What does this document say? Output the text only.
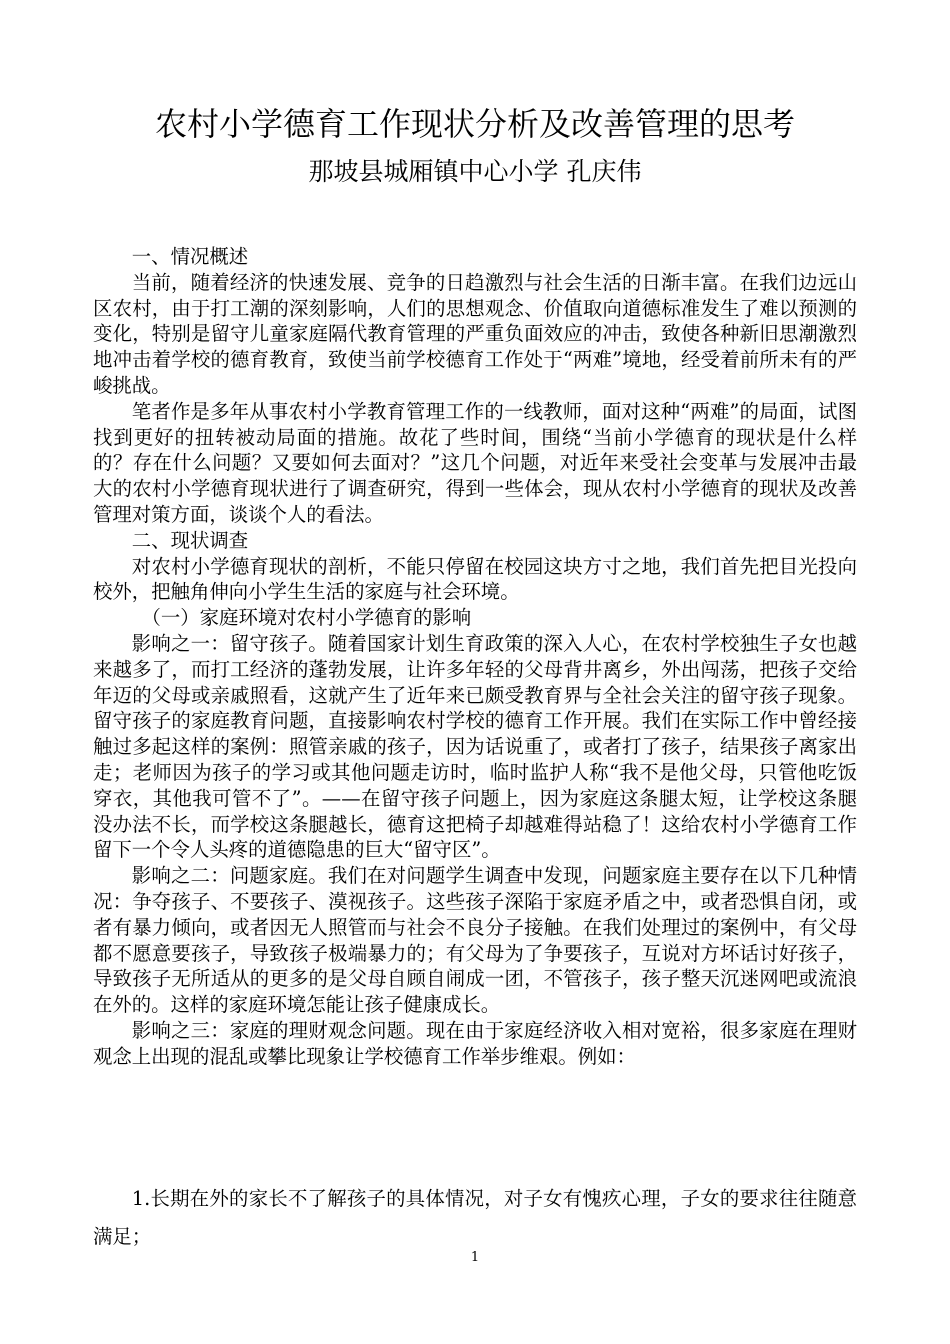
农村小学德育工作现状分析及改善管理的思考
那坡县城厢镇中心小学 孔庆伟

一、情况概述

当前，随着经济的快速发展、竞争的日趋激烈与社会生活的日渐丰富。在我们边远山区农村，由于打工潮的深刻影响，人们的思想观念、价值取向道德标准发生了难以预测的变化，特别是留守儿童家庭隔代教育管理的严重负面效应的冲击，致使各种新旧思潮激烈地冲击着学校的德育教育，致使当前学校德育工作处于“两难”境地，经受着前所未有的严峻挑战。

笔者作是多年从事农村小学教育管理工作的一线教师，面对这种“两难”的局面，试图找到更好的扭转被动局面的措施。故花了些时间，围绕“当前小学德育的现状是什么样的？存在什么问题？又要如何去面对？”这几个问题，对近年来受社会变革与发展冲击最大的农村小学德育现状进行了调查研究，得到一些体会，现从农村小学德育的现状及改善管理对策方面，谈谈个人的看法。

二、现状调查

对农村小学德育现状的剖析，不能只停留在校园这块方寸之地，我们首先把目光投向校外，把触角伸向小学生生活的家庭与社会环境。

（一）家庭环境对农村小学德育的影响

影响之一：留守孩子。随着国家计划生育政策的深入人心，在农村学校独生子女也越来越多了，而打工经济的蓬勃发展，让许多年轻的父母背井离乡，外出闯荡，把孩子交给年迈的父母或亲戚照看，这就产生了近年来已颇受教育界与全社会关注的留守孩子现象。留守孩子的家庭教育问题，直接影响农村学校的德育工作开展。我们在实际工作中曾经接触过多起这样的案例：照管亲戚的孩子，因为话说重了，或者打了孩子，结果孩子离家出走；老师因为孩子的学习或其他问题走访时，临时监护人称“我不是他父母，只管他吃饭穿衣，其他我可管不了”。——在留守孩子问题上，因为家庭这条腿太短，让学校这条腿没办法不长，而学校这条腿越长，德育这把椅子却越难得站稳了！这给农村小学德育工作留下一个令人头疼的道德隐患的巨大“留守区”。

影响之二：问题家庭。我们在对问题学生调查中发现，问题家庭主要存在以下几种情况：争夺孩子、不要孩子、漠视孩子。这些孩子深陷于家庭矛盾之中，或者恐惧自闭，或者有暴力倾向，或者因无人照管而与社会不良分子接触。在我们处理过的案例中，有父母都不愿意要孩子，导致孩子极端暴力的；有父母为了争要孩子，互说对方坏话讨好孩子，导致孩子无所适从的更多的是父母自顾自闹成一团，不管孩子，孩子整天沉迷网吧或流浪在外的。这样的家庭环境怎能让孩子健康成长。

影响之三：家庭的理财观念问题。现在由于家庭经济收入相对宽裕，很多家庭在理财观念上出现的混乱或攀比现象让学校德育工作举步维艰。例如：

1.长期在外的家长不了解孩子的具体情况，对子女有愧疚心理，子女的要求往往随意满足；

1
